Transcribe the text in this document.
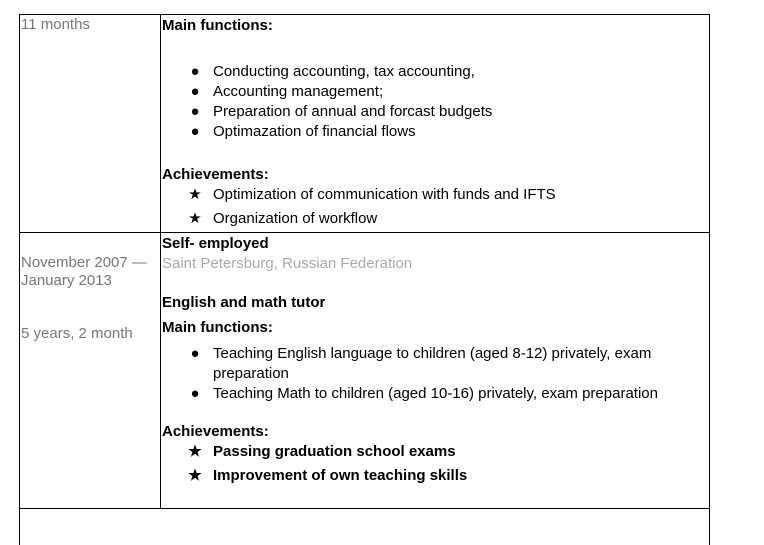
11 months	Main functions:
● Conducting accounting, tax accounting,
● Accounting management;
● Preparation of annual and forcast budgets
● Optimazation of financial flows
Achievements:
★ Optimization of communication with funds and IFTS
★ Organization of workflow
November 2007 —
January 2013
5 years, 2 month
Self- employed
Saint Petersburg, Russian Federation
English and math tutor
Main functions:
● Teaching English language to children (aged 8-12) privately, exam preparation
● Teaching Math to children (aged 10-16) privately, exam preparation
Achievements:
★ Passing graduation school exams
★ Improvement of own teaching skills
